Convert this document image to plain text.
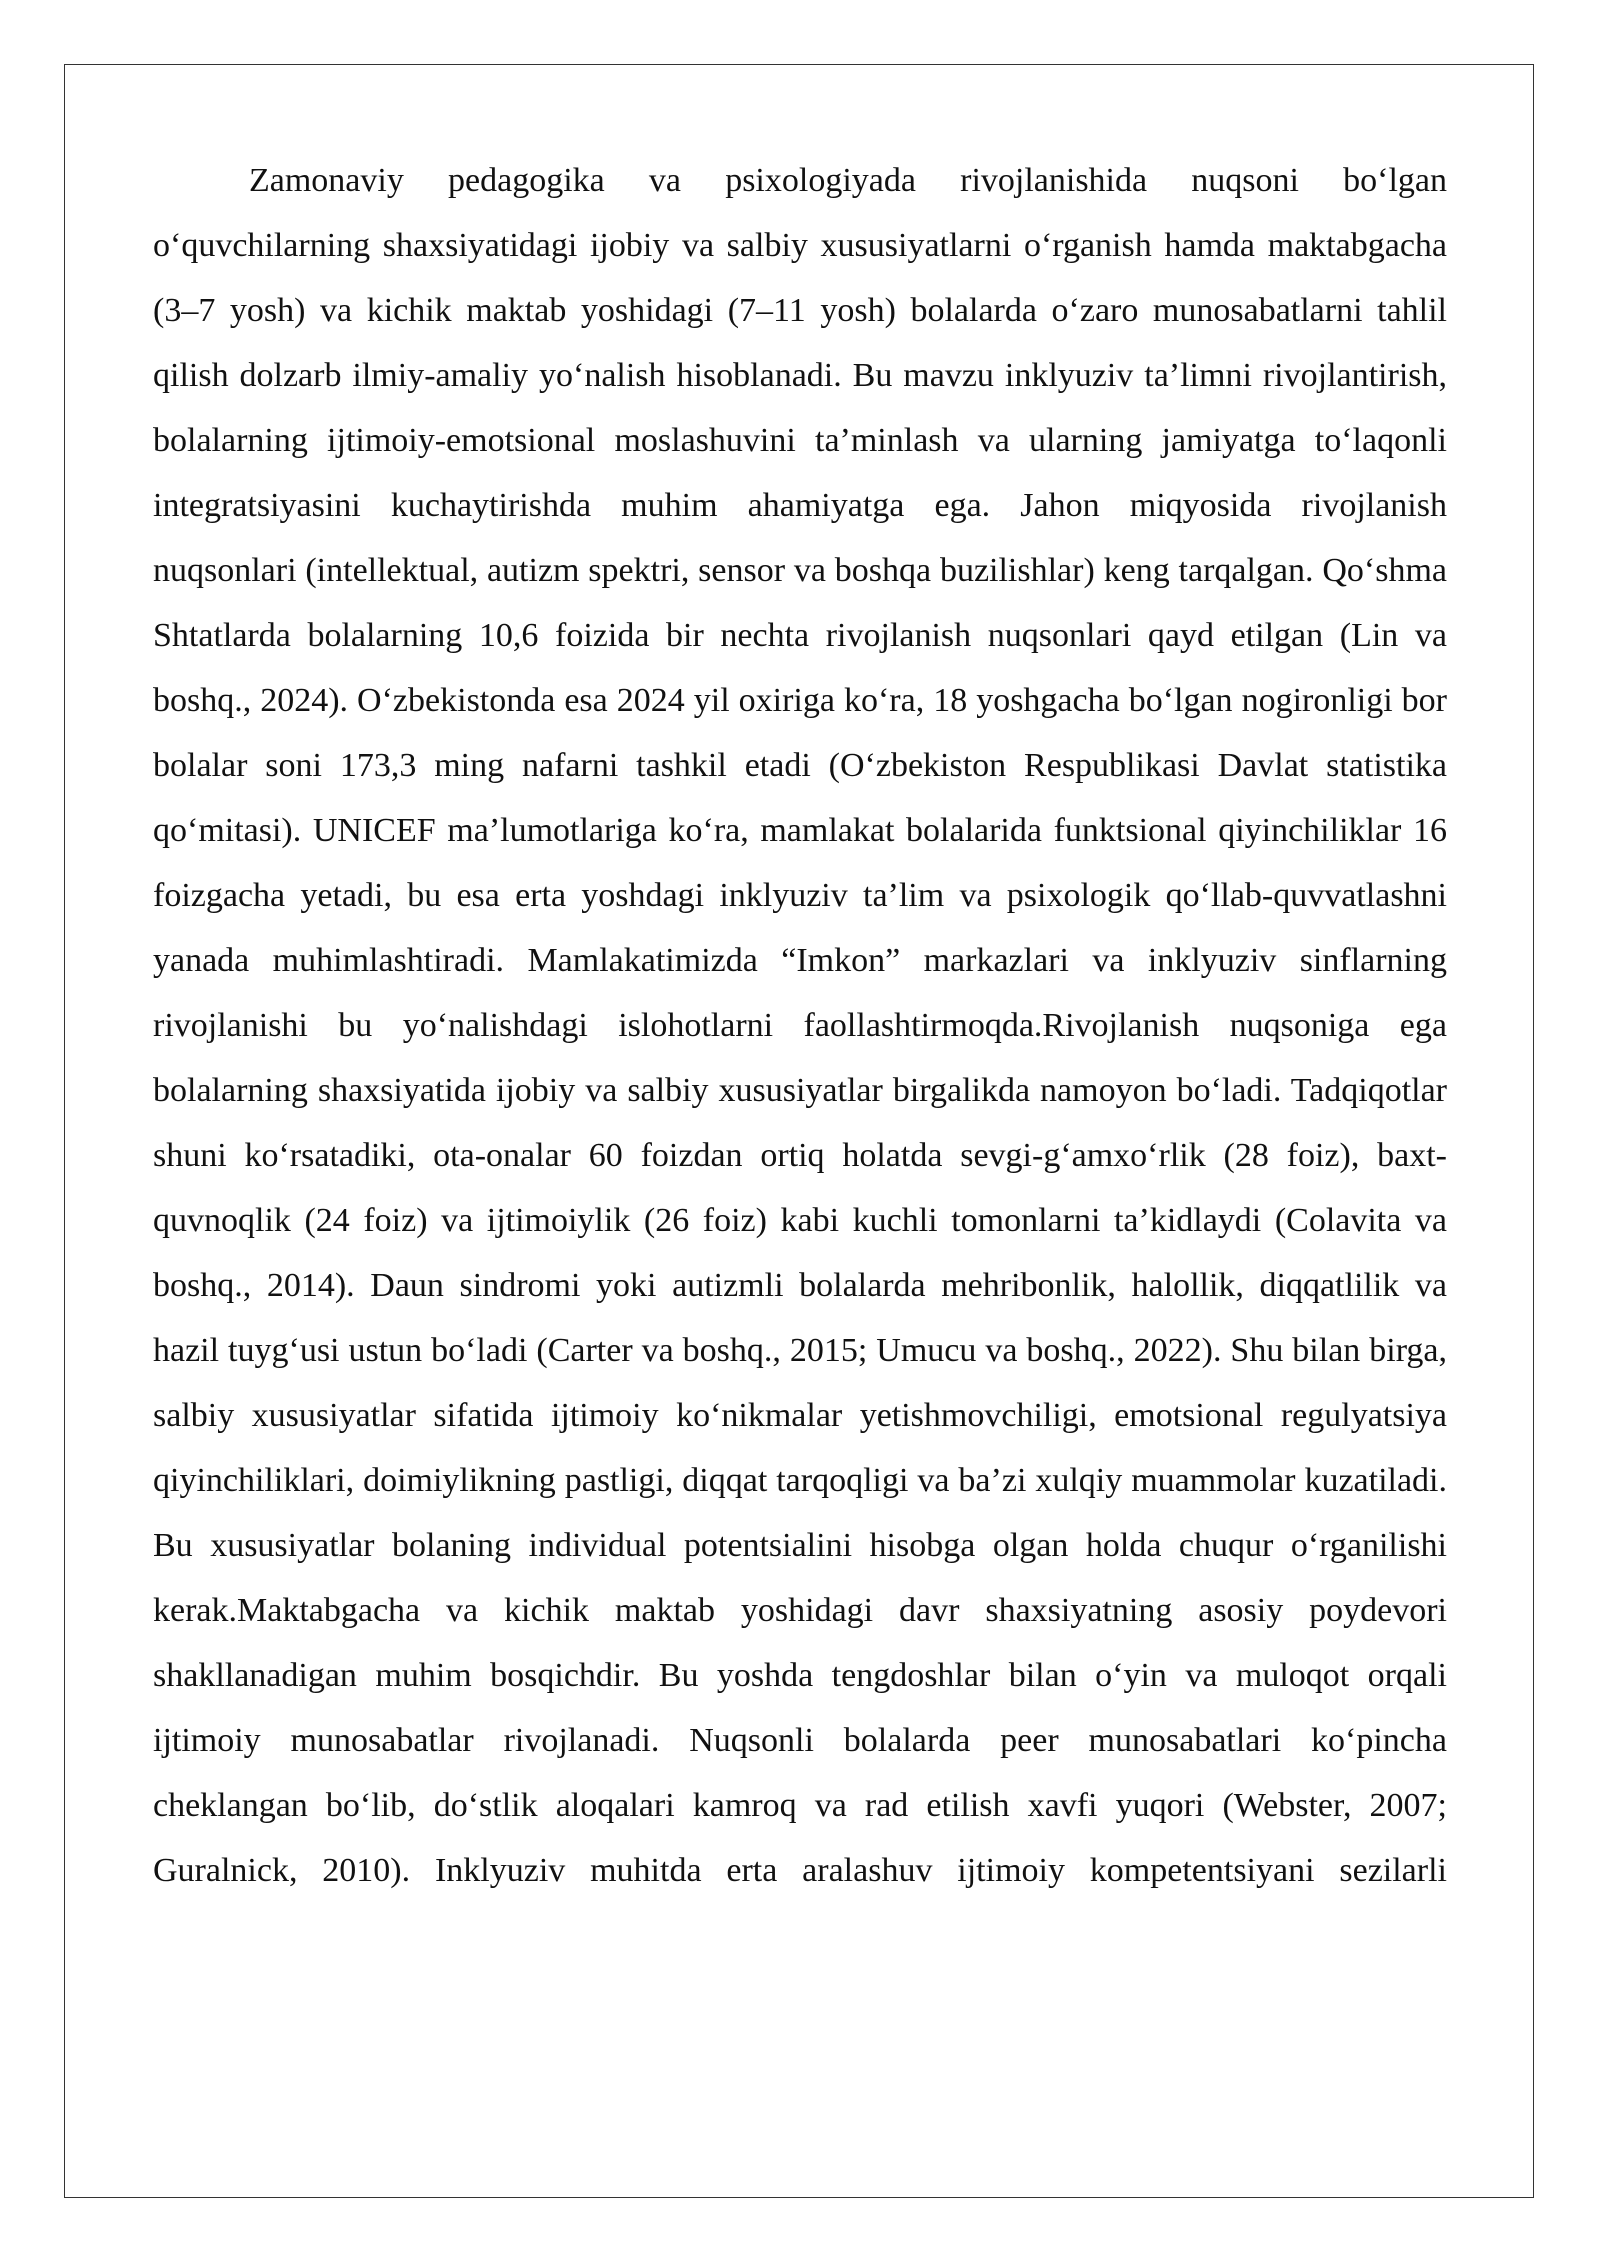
Zamonaviy pedagogika va psixologiyada rivojlanishida nuqsoni bo‘lgan o‘quvchilarning shaxsiyatidagi ijobiy va salbiy xususiyatlarni o‘rganish hamda maktabgacha (3–7 yosh) va kichik maktab yoshidagi (7–11 yosh) bolalarda o‘zaro munosabatlarni tahlil qilish dolzarb ilmiy-amaliy yo‘nalish hisoblanadi. Bu mavzu inklyuziv ta’limni rivojlantirish, bolalarning ijtimoiy-emotsional moslashuvini ta’minlash va ularning jamiyatga to‘laqonli integratsiyasini kuchaytirishda muhim ahamiyatga ega. Jahon miqyosida rivojlanish nuqsonlari (intellektual, autizm spektri, sensor va boshqa buzilishlar) keng tarqalgan. Qo‘shma Shtatlarda bolalarning 10,6 foizida bir nechta rivojlanish nuqsonlari qayd etilgan (Lin va boshq., 2024). O‘zbekistonda esa 2024 yil oxiriga ko‘ra, 18 yoshgacha bo‘lgan nogironligi bor bolalar soni 173,3 ming nafarni tashkil etadi (O‘zbekiston Respublikasi Davlat statistika qo‘mitasi). UNICEF ma’lumotlariga ko‘ra, mamlakat bolalarida funktsional qiyinchiliklar 16 foizgacha yetadi, bu esa erta yoshdagi inklyuziv ta’lim va psixologik qo‘llab-quvvatlashni yanada muhimlashtiradi. Mamlakatimizda “Imkon” markazlari va inklyuziv sinflarning rivojlanishi bu yo‘nalishdagi islohotlarni faollashtirmoqda.Rivojlanish nuqsoniga ega bolalarning shaxsiyatida ijobiy va salbiy xususiyatlar birgalikda namoyon bo‘ladi. Tadqiqotlar shuni ko‘rsatadiki, ota-onalar 60 foizdan ortiq holatda sevgi-g‘amxo‘rlik (28 foiz), baxt-quvnoqlik (24 foiz) va ijtimoiylik (26 foiz) kabi kuchli tomonlarni ta’kidlaydi (Colavita va boshq., 2014). Daun sindromi yoki autizmli bolalarda mehribonlik, halollik, diqqatlilik va hazil tuyg‘usi ustun bo‘ladi (Carter va boshq., 2015; Umucu va boshq., 2022). Shu bilan birga, salbiy xususiyatlar sifatida ijtimoiy ko‘nikmalar yetishmovchiligi, emotsional regulyatsiya qiyinchiliklari, doimiylikning pastligi, diqqat tarqoqligi va ba’zi xulqiy muammolar kuzatiladi. Bu xususiyatlar bolaning individual potentsialini hisobga olgan holda chuqur o‘rganilishi kerak.Maktabgacha va kichik maktab yoshidagi davr shaxsiyatning asosiy poydevori shakllanadigan muhim bosqichdir. Bu yoshda tengdoshlar bilan o‘yin va muloqot orqali ijtimoiy munosabatlar rivojlanadi. Nuqsonli bolalarda peer munosabatlari ko‘pincha cheklangan bo‘lib, do‘stlik aloqalari kamroq va rad etilish xavfi yuqori (Webster, 2007; Guralnick, 2010). Inklyuziv muhitda erta aralashuv ijtimoiy kompetentsiyani sezilarli
